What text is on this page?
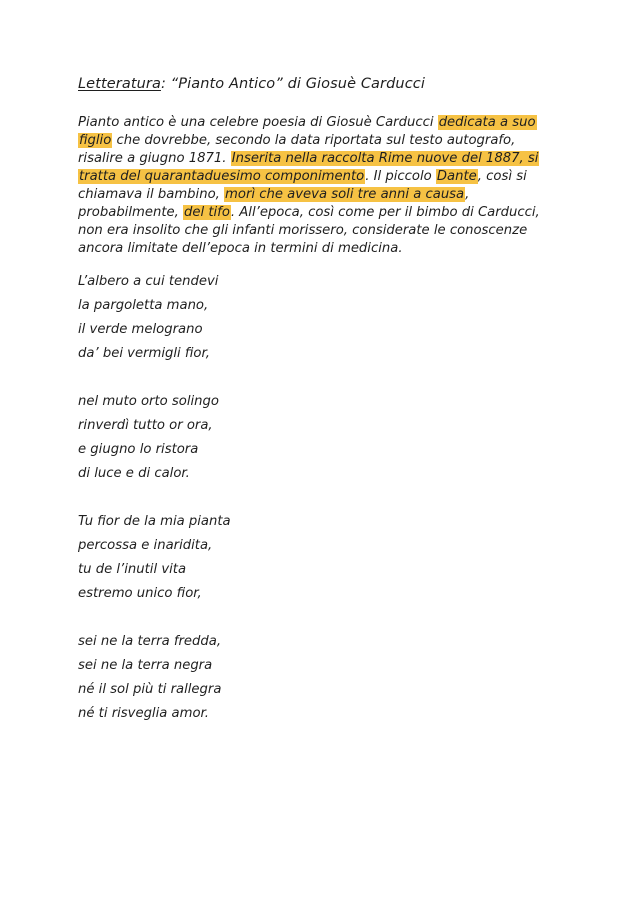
Letteratura: “Pianto Antico” di Giosuè Carducci
Pianto antico è una celebre poesia di Giosuè Carducci dedicata a suo
figlio che dovrebbe, secondo la data riportata sul testo autografo,
risalire a giugno 1871. Inserita nella raccolta Rime nuove del 1887, si
tratta del quarantaduesimo componimento. Il piccolo Dante, così si
chiamava il bambino, morì che aveva soli tre anni a causa,
probabilmente, del tifo. All’epoca, così come per il bimbo di Carducci,
non era insolito che gli infanti morissero, considerate le conoscenze
ancora limitate dell’epoca in termini di medicina.
L’albero a cui tendevi
la pargoletta mano,
il verde melograno
da’ bei vermigli fior,
nel muto orto solingo
rinverdì tutto or ora,
e giugno lo ristora
di luce e di calor.
Tu fior de la mia pianta
percossa e inaridita,
tu de l’inutil vita
estremo unico fior,
sei ne la terra fredda,
sei ne la terra negra
né il sol più ti rallegra
né ti risveglia amor.
